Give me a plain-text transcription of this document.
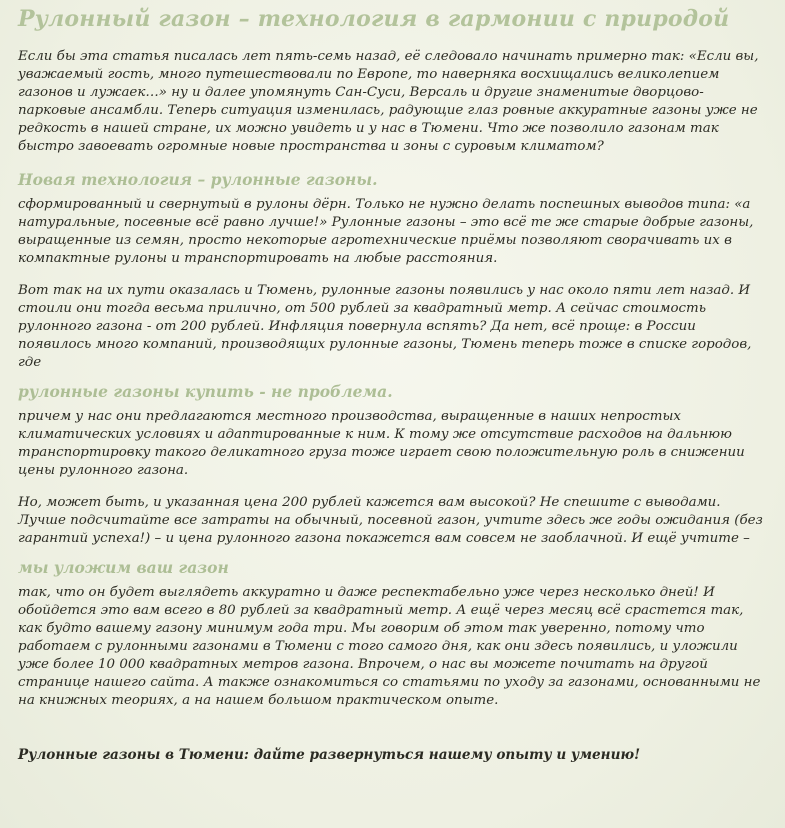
Рулонный газон – технология в гармонии с природой

Если бы эта статья писалась лет пять-семь назад, её следовало начинать примерно так: «Если вы, уважаемый гость, много путешествовали по Европе, то наверняка восхищались великолепием газонов и лужаек…» ну и далее упомянуть Сан-Суси, Версаль и другие знаменитые дворцово-парковые ансамбли. Теперь ситуация изменилась, радующие глаз ровные аккуратные газоны уже не редкость в нашей стране, их можно увидеть и у нас в Тюмени. Что же позволило газонам так быстро завоевать огромные новые пространства и зоны с суровым климатом?

Новая технология – рулонные газоны.

сформированный и свернутый в рулоны дёрн. Только не нужно делать поспешных выводов типа: «а натуральные, посевные всё равно лучше!» Рулонные газоны – это всё те же старые добрые газоны, выращенные из семян, просто некоторые агротехнические приёмы позволяют сворачивать их в компактные рулоны и транспортировать на любые расстояния.

Вот так на их пути оказалась и Тюмень, рулонные газоны появились у нас около пяти лет назад. И стоили они тогда весьма прилично, от 500 рублей за квадратный метр. А сейчас стоимость рулонного газона - от 200 рублей. Инфляция повернула вспять? Да нет, всё проще: в России появилось много компаний, производящих рулонные газоны, Тюмень теперь тоже в списке городов, где

рулонные газоны купить - не проблема.

причем у нас они предлагаются местного производства, выращенные в наших непростых климатических условиях и адаптированные к ним. К тому же отсутствие расходов на дальнюю транспортировку такого деликатного груза тоже играет свою положительную роль в снижении цены рулонного газона.

Но, может быть, и указанная цена 200 рублей кажется вам высокой? Не спешите с выводами. Лучше подсчитайте все затраты на обычный, посевной газон, учтите здесь же годы ожидания (без гарантий успеха!) – и цена рулонного газона покажется вам совсем не заоблачной. И ещё учтите –

мы уложим ваш газон

так, что он будет выглядеть аккуратно и даже респектабельно уже через несколько дней! И обойдется это вам всего в 80 рублей за квадратный метр. А ещё через месяц всё срастется так, как будто вашему газону минимум года три. Мы говорим об этом так уверенно, потому что работаем с рулонными газонами в Тюмени с того самого дня, как они здесь появились, и уложили уже более 10 000 квадратных метров газона. Впрочем, о нас вы можете почитать на другой странице нашего сайта. А также ознакомиться со статьями по уходу за газонами, основанными не на книжных теориях, а на нашем большом практическом опыте.

Рулонные газоны в Тюмени: дайте развернуться нашему опыту и умению!
